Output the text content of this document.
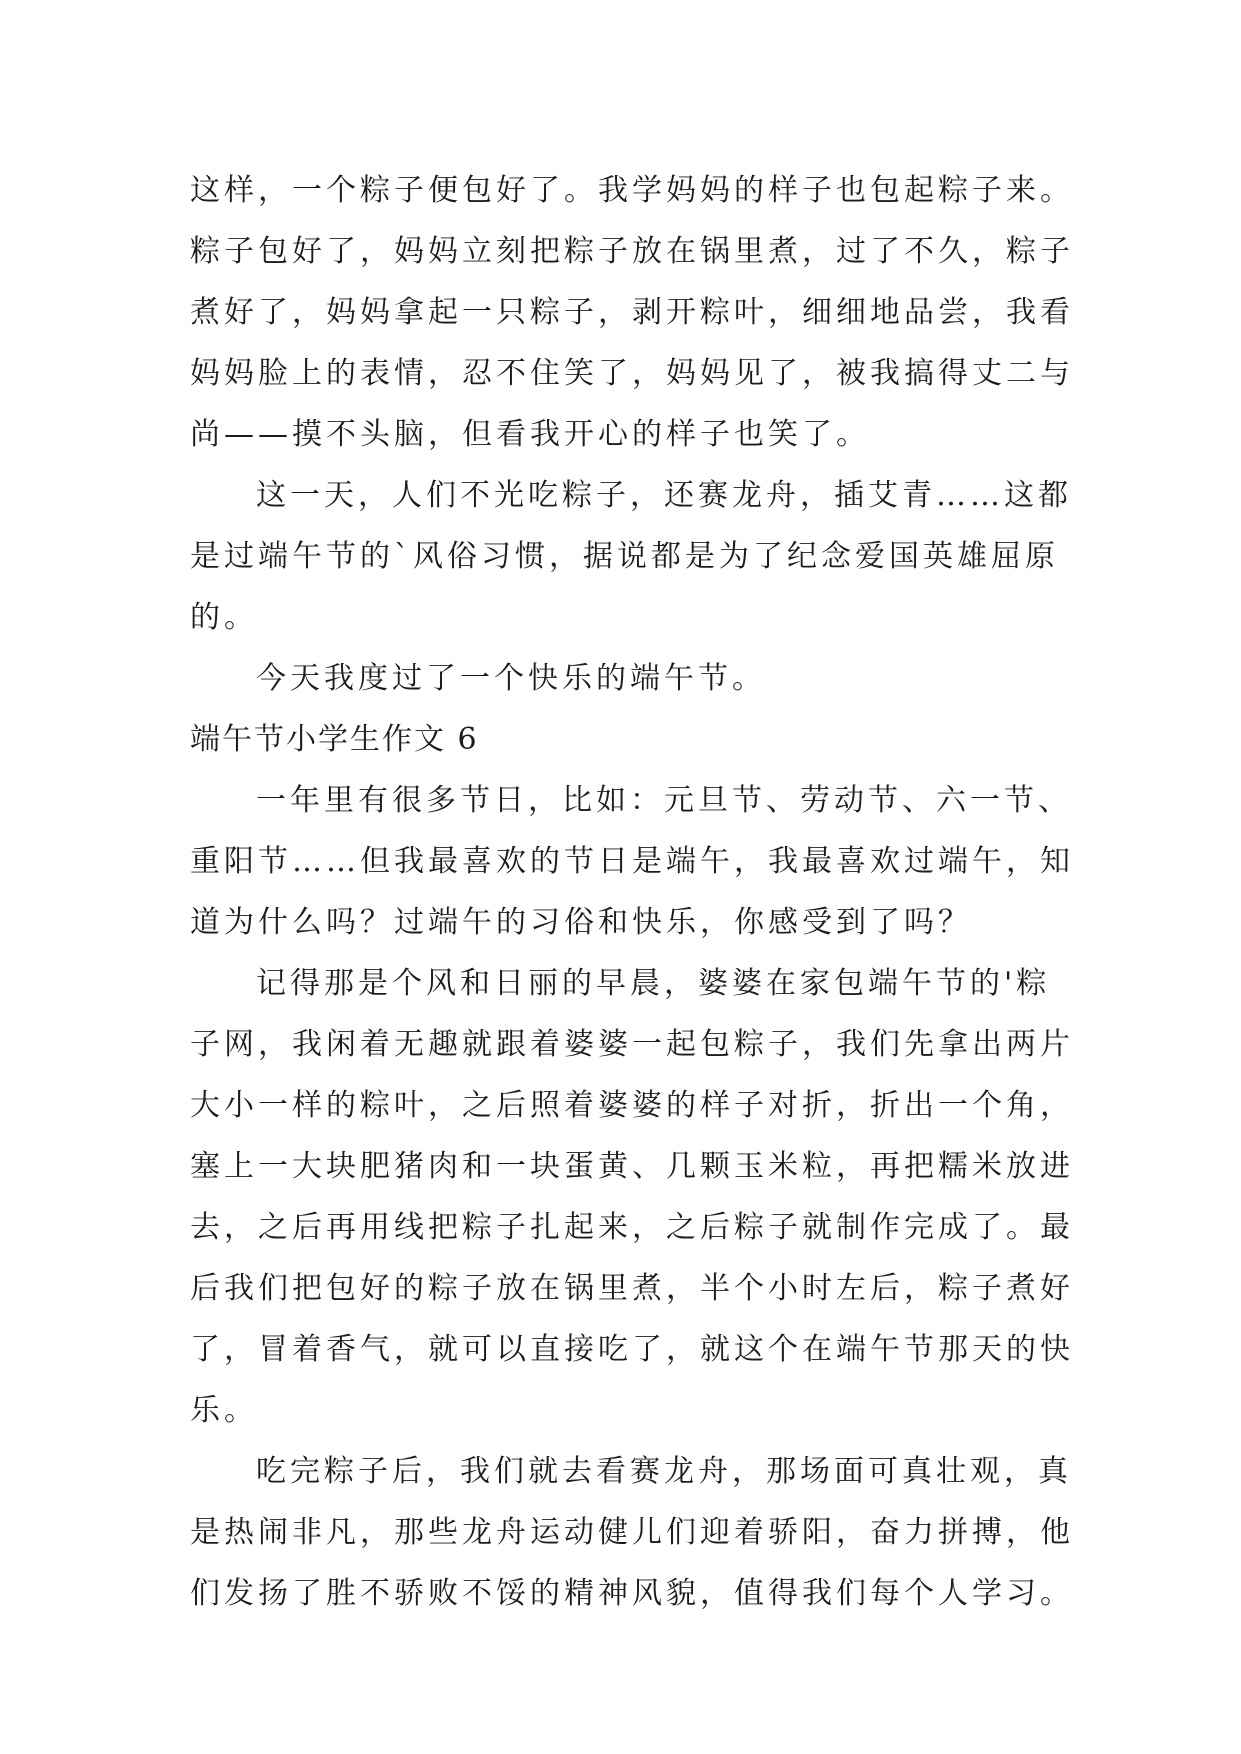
这样，一个粽子便包好了。我学妈妈的样子也包起粽子来。
粽子包好了，妈妈立刻把粽子放在锅里煮，过了不久，粽子
煮好了，妈妈拿起一只粽子，剥开粽叶，细细地品尝，我看
妈妈脸上的表情，忍不住笑了，妈妈见了，被我搞得丈二与
尚——摸不头脑，但看我开心的样子也笑了。
这一天，人们不光吃粽子，还赛龙舟，插艾青……这都
是过端午节的`风俗习惯，据说都是为了纪念爱国英雄屈原
的。
今天我度过了一个快乐的端午节。
端午节小学生作文 6
一年里有很多节日，比如：元旦节、劳动节、六一节、
重阳节……但我最喜欢的节日是端午，我最喜欢过端午，知
道为什么吗？过端午的习俗和快乐，你感受到了吗？
记得那是个风和日丽的早晨，婆婆在家包端午节的'粽
子网，我闲着无趣就跟着婆婆一起包粽子，我们先拿出两片
大小一样的粽叶，之后照着婆婆的样子对折，折出一个角，
塞上一大块肥猪肉和一块蛋黄、几颗玉米粒，再把糯米放进
去，之后再用线把粽子扎起来，之后粽子就制作完成了。最
后我们把包好的粽子放在锅里煮，半个小时左后，粽子煮好
了，冒着香气，就可以直接吃了，就这个在端午节那天的快
乐。
吃完粽子后，我们就去看赛龙舟，那场面可真壮观，真
是热闹非凡，那些龙舟运动健儿们迎着骄阳，奋力拼搏，他
们发扬了胜不骄败不馁的精神风貌，值得我们每个人学习。
